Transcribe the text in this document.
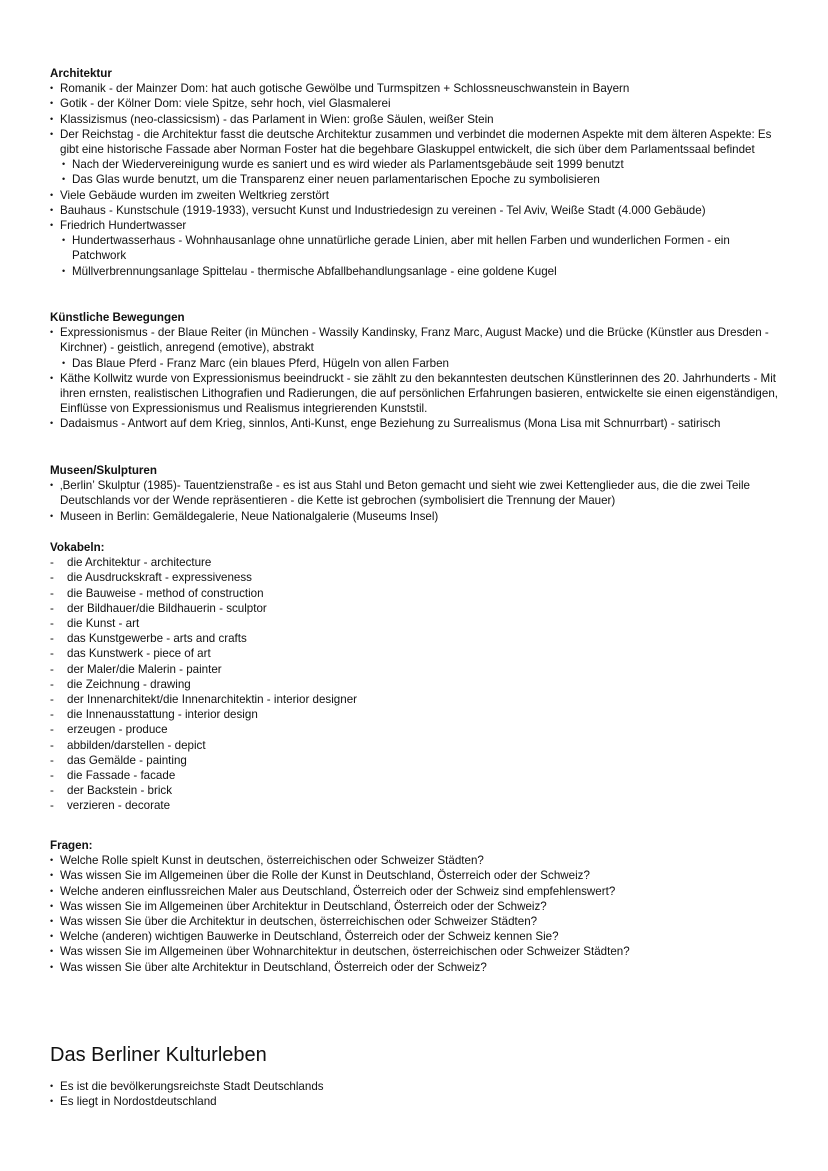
Architektur

• Romanik - der Mainzer Dom: hat auch gotische Gewölbe und Turmspitzen + Schlossneuschwanstein in Bayern
• Gotik - der Kölner Dom: viele Spitze, sehr hoch, viel Glasmalerei
• Klassizismus (neo-classicsism) - das Parlament in Wien: große Säulen, weißer Stein
• Der Reichstag - die Architektur fasst die deutsche Architektur zusammen und verbindet die modernen Aspekte mit dem älteren Aspekte: Es gibt eine historische Fassade aber Norman Foster hat die begehbare Glaskuppel entwickelt, die sich über dem Parlamentssaal befindet
• Nach der Wiedervereinigung wurde es saniert und es wird wieder als Parlamentsgebäude seit 1999 benutzt
• Das Glas wurde benutzt, um die Transparenz einer neuen parlamentarischen Epoche zu symbolisieren
• Viele Gebäude wurden im zweiten Weltkrieg zerstört
• Bauhaus - Kunstschule (1919-1933), versucht Kunst und Industriedesign zu vereinen - Tel Aviv, Weiße Stadt (4.000 Gebäude)
• Friedrich Hundertwasser
• Hundertwasserhaus - Wohnhausanlage ohne unnatürliche gerade Linien, aber mit hellen Farben und wunderlichen Formen - ein Patchwork
• Müllverbrennungsanlage Spittelau - thermische Abfallbehandlungsanlage - eine goldene Kugel

Künstliche Bewegungen

• Expressionismus - der Blaue Reiter (in München - Wassily Kandinsky, Franz Marc, August Macke) und die Brücke (Künstler aus Dresden - Kirchner) - geistlich, anregend (emotive), abstrakt
• Das Blaue Pferd - Franz Marc (ein blaues Pferd, Hügeln von allen Farben
• Käthe Kollwitz wurde von Expressionismus beeindruckt - sie zählt zu den bekanntesten deutschen Künstlerinnen des 20. Jahrhunderts - Mit ihren ernsten, realistischen Lithografien und Radierungen, die auf persönlichen Erfahrungen basieren, entwickelte sie einen eigenständigen, Einflüsse von Expressionismus und Realismus integrierenden Kunststil.
• Dadaismus - Antwort auf dem Krieg, sinnlos, Anti-Kunst, enge Beziehung zu Surrealismus (Mona Lisa mit Schnurrbart) - satirisch

Museen/Skulpturen

• ‚Berlin’ Skulptur (1985)- Tauentzienstraße - es ist aus Stahl und Beton gemacht und sieht wie zwei Kettenglieder aus, die die zwei Teile Deutschlands vor der Wende repräsentieren - die Kette ist gebrochen (symbolisiert die Trennung der Mauer)
• Museen in Berlin: Gemäldegalerie, Neue Nationalgalerie (Museums Insel)

Vokabeln:

- die Architektur - architecture
- die Ausdruckskraft - expressiveness
- die Bauweise - method of construction
- der Bildhauer/die Bildhauerin - sculptor
- die Kunst - art
- das Kunstgewerbe - arts and crafts
- das Kunstwerk - piece of art
- der Maler/die Malerin - painter
- die Zeichnung - drawing
- der Innenarchitekt/die Innenarchitektin - interior designer
- die Innenausstattung - interior design
- erzeugen - produce
- abbilden/darstellen - depict
- das Gemälde - painting
- die Fassade - facade
- der Backstein - brick
- verzieren - decorate

Fragen:

• Welche Rolle spielt Kunst in deutschen, österreichischen oder Schweizer Städten?
• Was wissen Sie im Allgemeinen über die Rolle der Kunst in Deutschland, Österreich oder der Schweiz?
• Welche anderen einflussreichen Maler aus Deutschland, Österreich oder der Schweiz sind empfehlenswert?
• Was wissen Sie im Allgemeinen über Architektur in Deutschland, Österreich oder der Schweiz?
• Was wissen Sie über die Architektur in deutschen, österreichischen oder Schweizer Städten?
• Welche (anderen) wichtigen Bauwerke in Deutschland, Österreich oder der Schweiz kennen Sie?
• Was wissen Sie im Allgemeinen über Wohnarchitektur in deutschen, österreichischen oder Schweizer Städten?
• Was wissen Sie über alte Architektur in Deutschland, Österreich oder der Schweiz?
Das Berliner Kulturleben
• Es ist die bevölkerungsreichste Stadt Deutschlands
• Es liegt in Nordostdeutschland
